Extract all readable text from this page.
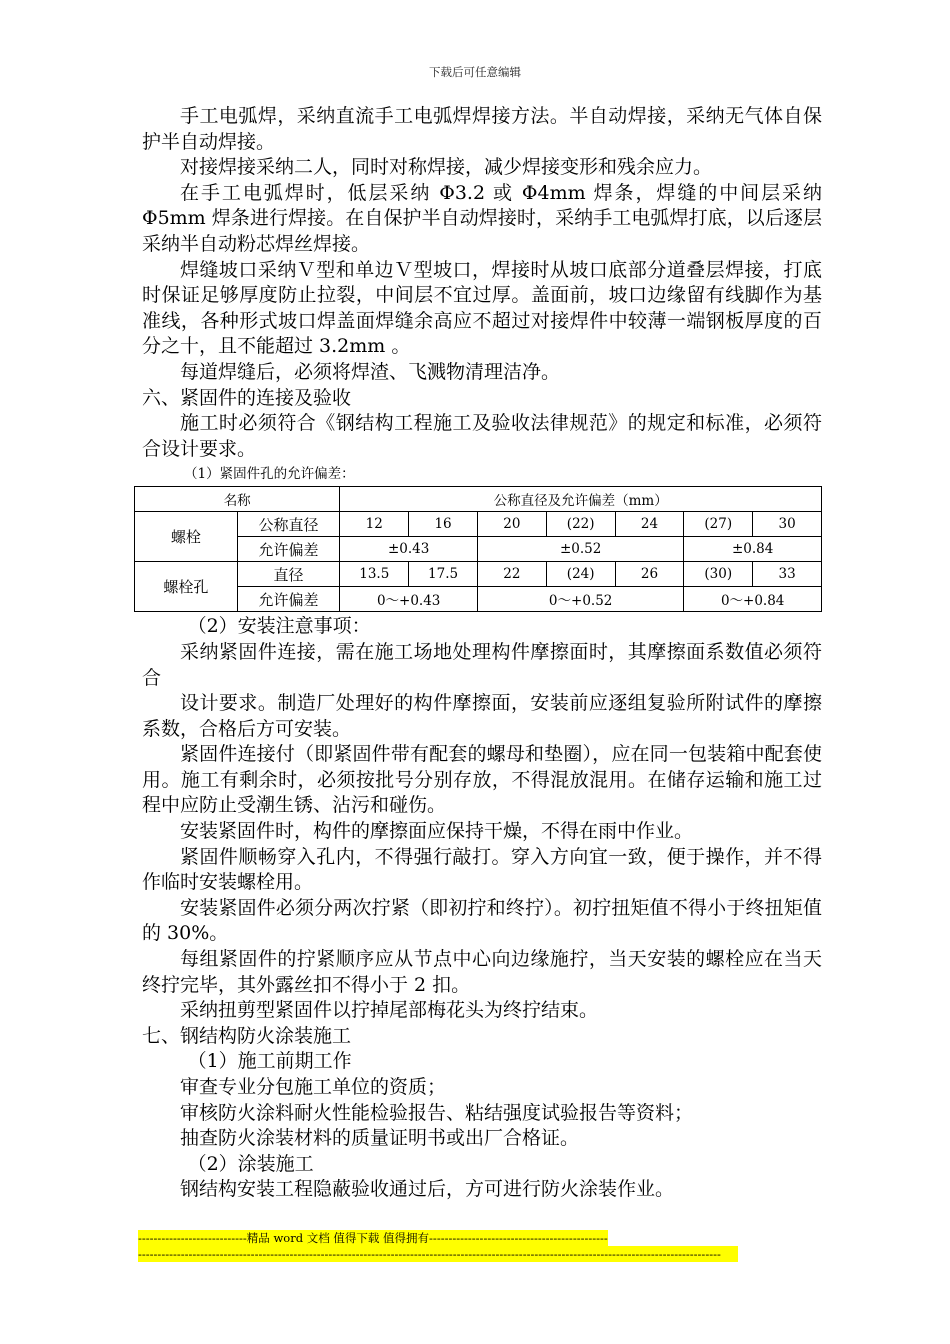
下载后可任意编辑

手工电弧焊，采纳直流手工电弧焊焊接方法。半自动焊接，采纳无气体自保护半自动焊接。

对接焊接采纳二人，同时对称焊接，减少焊接变形和残余应力。

在手工电弧焊时，低层采纳 Φ3.2 或 Φ4mm 焊条，焊缝的中间层采纳 Φ5mm 焊条进行焊接。在自保护半自动焊接时，采纳手工电弧焊打底，以后逐层采纳半自动粉芯焊丝焊接。

焊缝坡口采纳Ｖ型和单边Ｖ型坡口，焊接时从坡口底部分道叠层焊接，打底时保证足够厚度防止拉裂，中间层不宜过厚。盖面前，坡口边缘留有线脚作为基准线，各种形式坡口焊盖面焊缝余高应不超过对接焊件中较薄一端钢板厚度的百分之十，且不能超过 3.2mm 。

每道焊缝后，必须将焊渣、飞溅物清理洁净。

六、紧固件的连接及验收

施工时必须符合《钢结构工程施工及验收法律规范》的规定和标准，必须符合设计要求。

（1）紧固件孔的允许偏差：
名称		公称直径及允许偏差（mm）						
螺栓	公称直径	12	16	20	(22)	24	(27)	30
	允许偏差	±0.43		±0.52			±0.84	
螺栓孔	直径	13.5	17.5	22	(24)	26	(30)	33
	允许偏差	0～+0.43		0～+0.52			0～+0.84	

（2）安装注意事项：

采纳紧固件连接，需在施工场地处理构件摩擦面时，其摩擦面系数值必须符合

设计要求。制造厂处理好的构件摩擦面，安装前应逐组复验所附试件的摩擦系数，合格后方可安装。

紧固件连接付（即紧固件带有配套的螺母和垫圈），应在同一包装箱中配套使用。施工有剩余时，必须按批号分别存放，不得混放混用。在储存运输和施工过程中应防止受潮生锈、沾污和碰伤。

安装紧固件时，构件的摩擦面应保持干燥，不得在雨中作业。

紧固件顺畅穿入孔内，不得强行敲打。穿入方向宜一致，便于操作，并不得作临时安装螺栓用。

安装紧固件必须分两次拧紧（即初拧和终拧）。初拧扭矩值不得小于终扭矩值的 30%。

每组紧固件的拧紧顺序应从节点中心向边缘施拧，当天安装的螺栓应在当天终拧完毕，其外露丝扣不得小于 2 扣。

采纳扭剪型紧固件以拧掉尾部梅花头为终拧结束。

七、钢结构防火涂装施工

（1）施工前期工作

审查专业分包施工单位的资质；

审核防火涂料耐火性能检验报告、粘结强度试验报告等资料；

抽查防火涂装材料的质量证明书或出厂合格证。

（2）涂装施工

钢结构安装工程隐蔽验收通过后，方可进行防火涂装作业。

----------------------------精品 word 文档 值得下载 值得拥有----------------------------------------------
------------------------------------------------------------------------------------------------------------------------------------------------------
